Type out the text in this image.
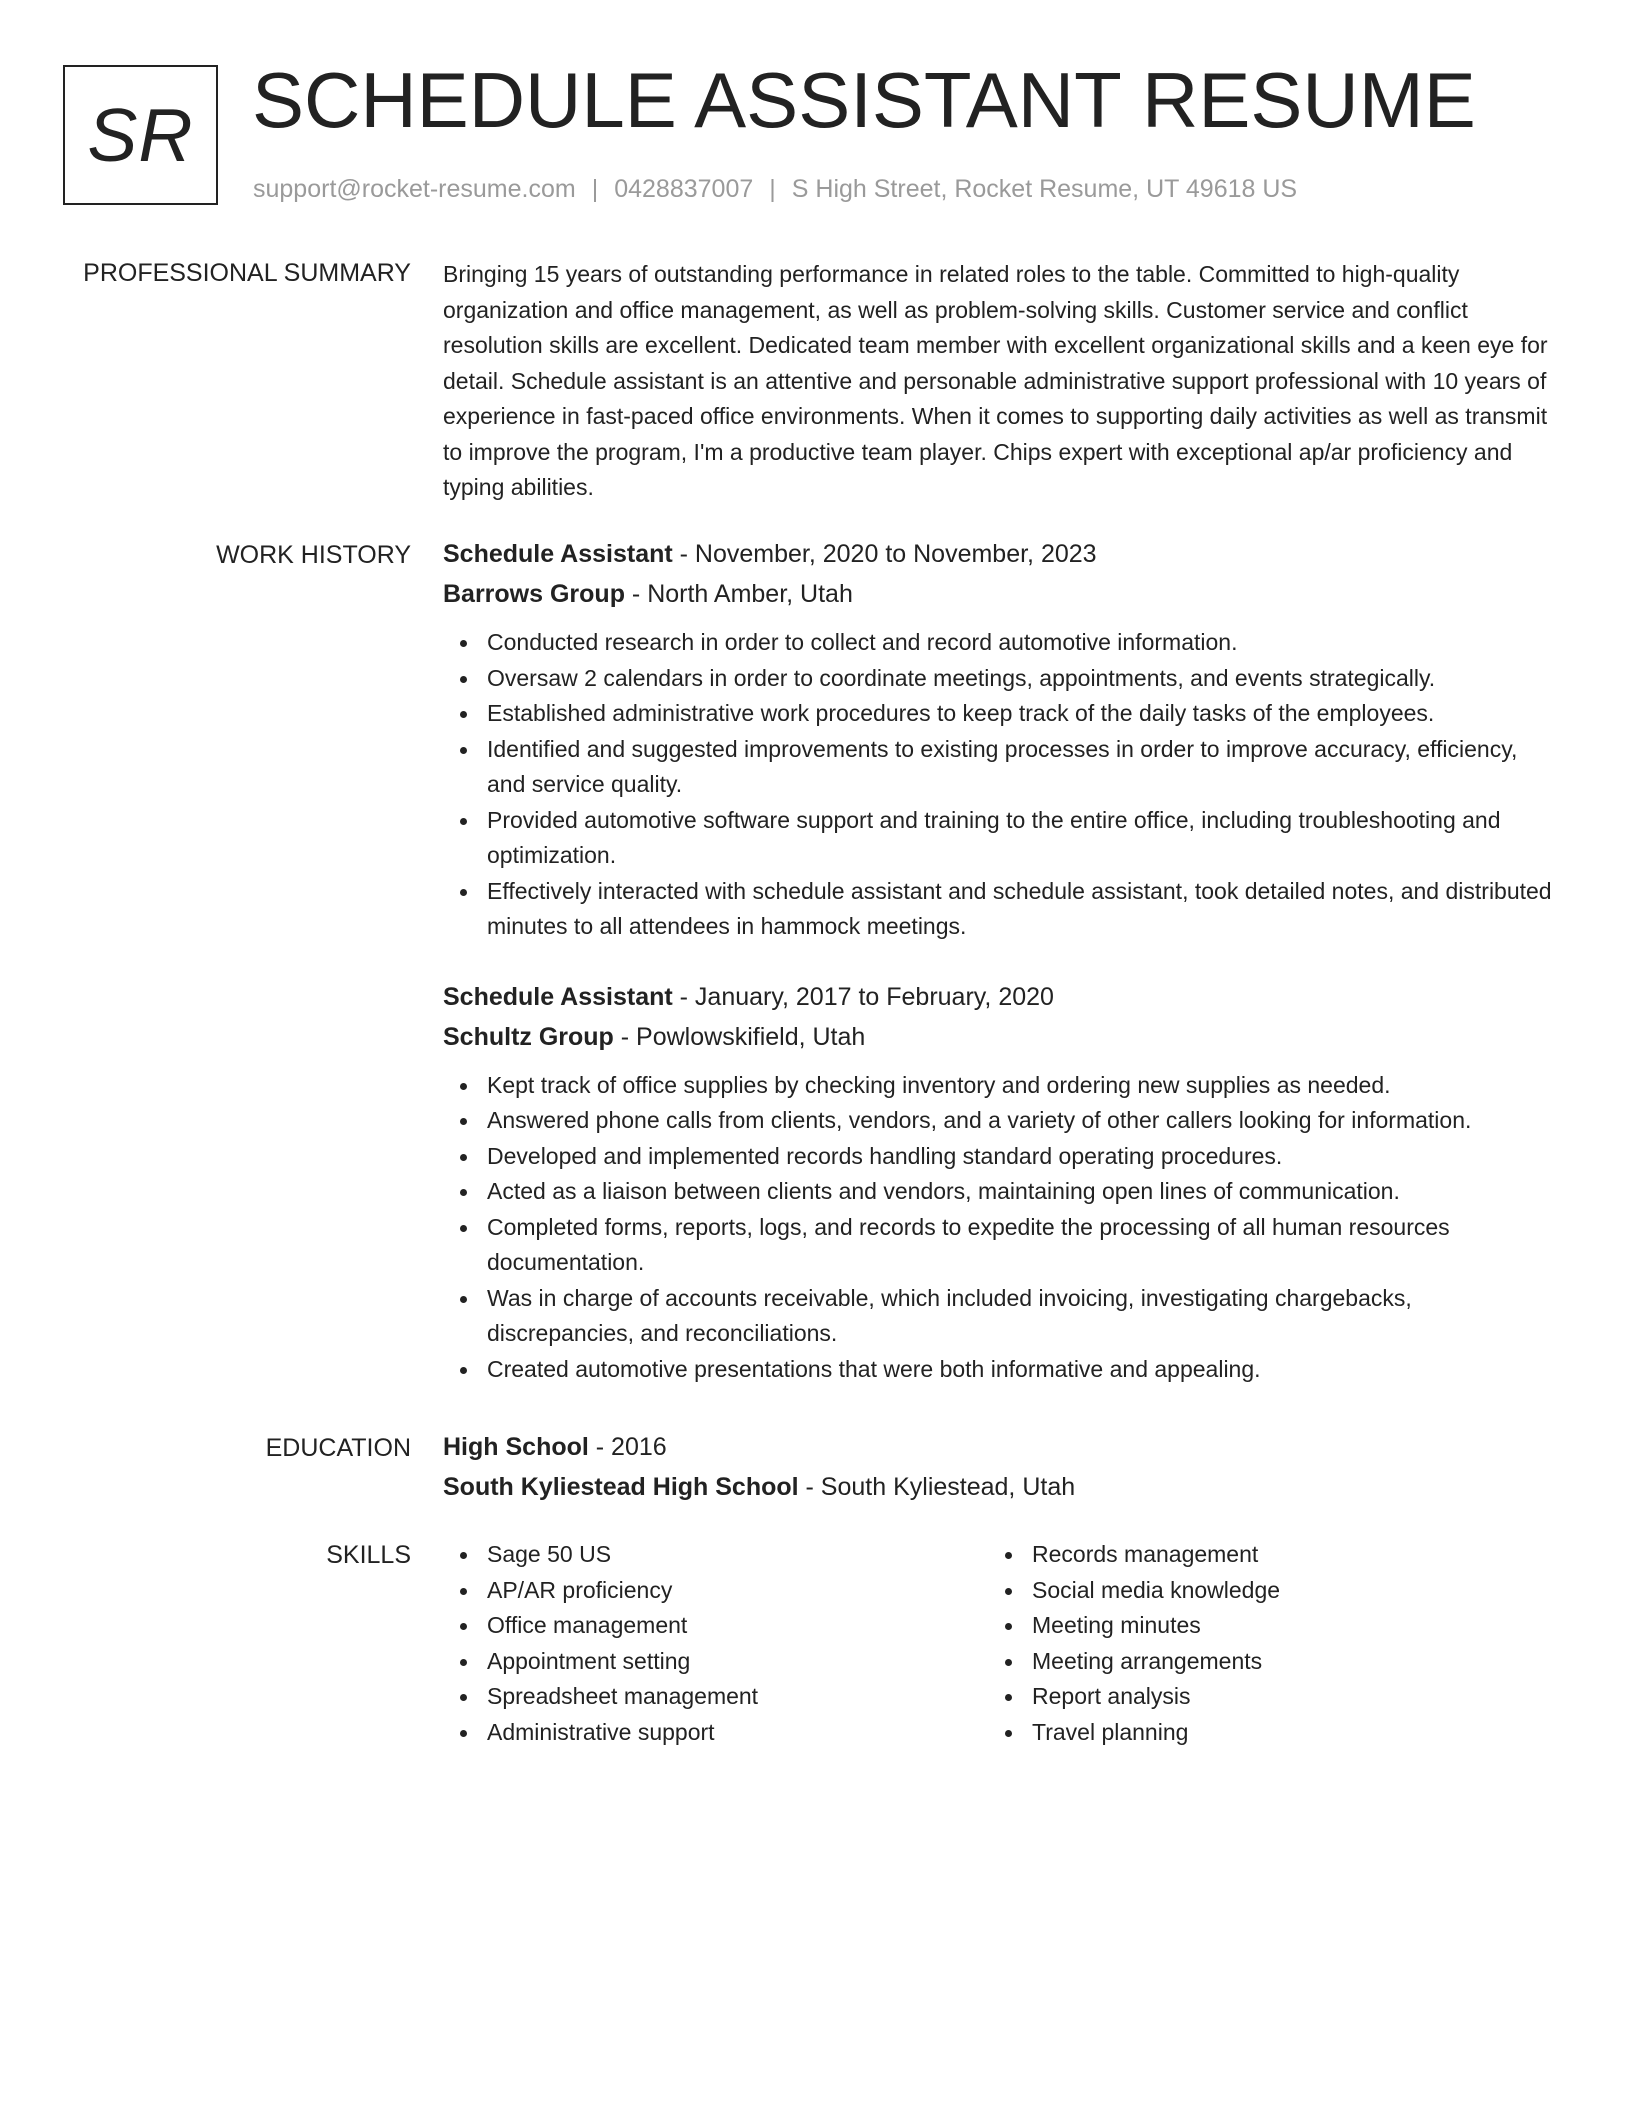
SR SCHEDULE ASSISTANT RESUME
support@rocket-resume.com | 0428837007 | S High Street, Rocket Resume, UT 49618 US
PROFESSIONAL SUMMARY Bringing 15 years of outstanding performance in related roles to the table. Committed to high-quality organization and office management, as well as problem-solving skills. Customer service and conflict resolution skills are excellent. Dedicated team member with excellent organizational skills and a keen eye for detail. Schedule assistant is an attentive and personable administrative support professional with 10 years of experience in fast-paced office environments. When it comes to supporting daily activities as well as transmit to improve the program, I'm a productive team player. Chips expert with exceptional ap/ar proficiency and typing abilities.

WORK HISTORY Schedule Assistant - November, 2020 to November, 2023
Barrows Group - North Amber, Utah
Conducted research in order to collect and record automotive information.
Oversaw 2 calendars in order to coordinate meetings, appointments, and events strategically.
Established administrative work procedures to keep track of the daily tasks of the employees.
Identified and suggested improvements to existing processes in order to improve accuracy, efficiency, and service quality.
Provided automotive software support and training to the entire office, including troubleshooting and optimization.
Effectively interacted with schedule assistant and schedule assistant, took detailed notes, and distributed minutes to all attendees in hammock meetings.
Schedule Assistant - January, 2017 to February, 2020
Schultz Group - Powlowskifield, Utah
Kept track of office supplies by checking inventory and ordering new supplies as needed.
Answered phone calls from clients, vendors, and a variety of other callers looking for information.
Developed and implemented records handling standard operating procedures.
Acted as a liaison between clients and vendors, maintaining open lines of communication.
Completed forms, reports, logs, and records to expedite the processing of all human resources documentation.
Was in charge of accounts receivable, which included invoicing, investigating chargebacks, discrepancies, and reconciliations.
Created automotive presentations that were both informative and appealing.
EDUCATION High School - 2016
South Kyliestead High School - South Kyliestead, Utah
SKILLS	Sage 50 US
AP/AR proficiency
Office management
Appointment setting
Spreadsheet management
Administrative support
Records management
Social media knowledge
Meeting minutes
Meeting arrangements
Report analysis
Travel planning
